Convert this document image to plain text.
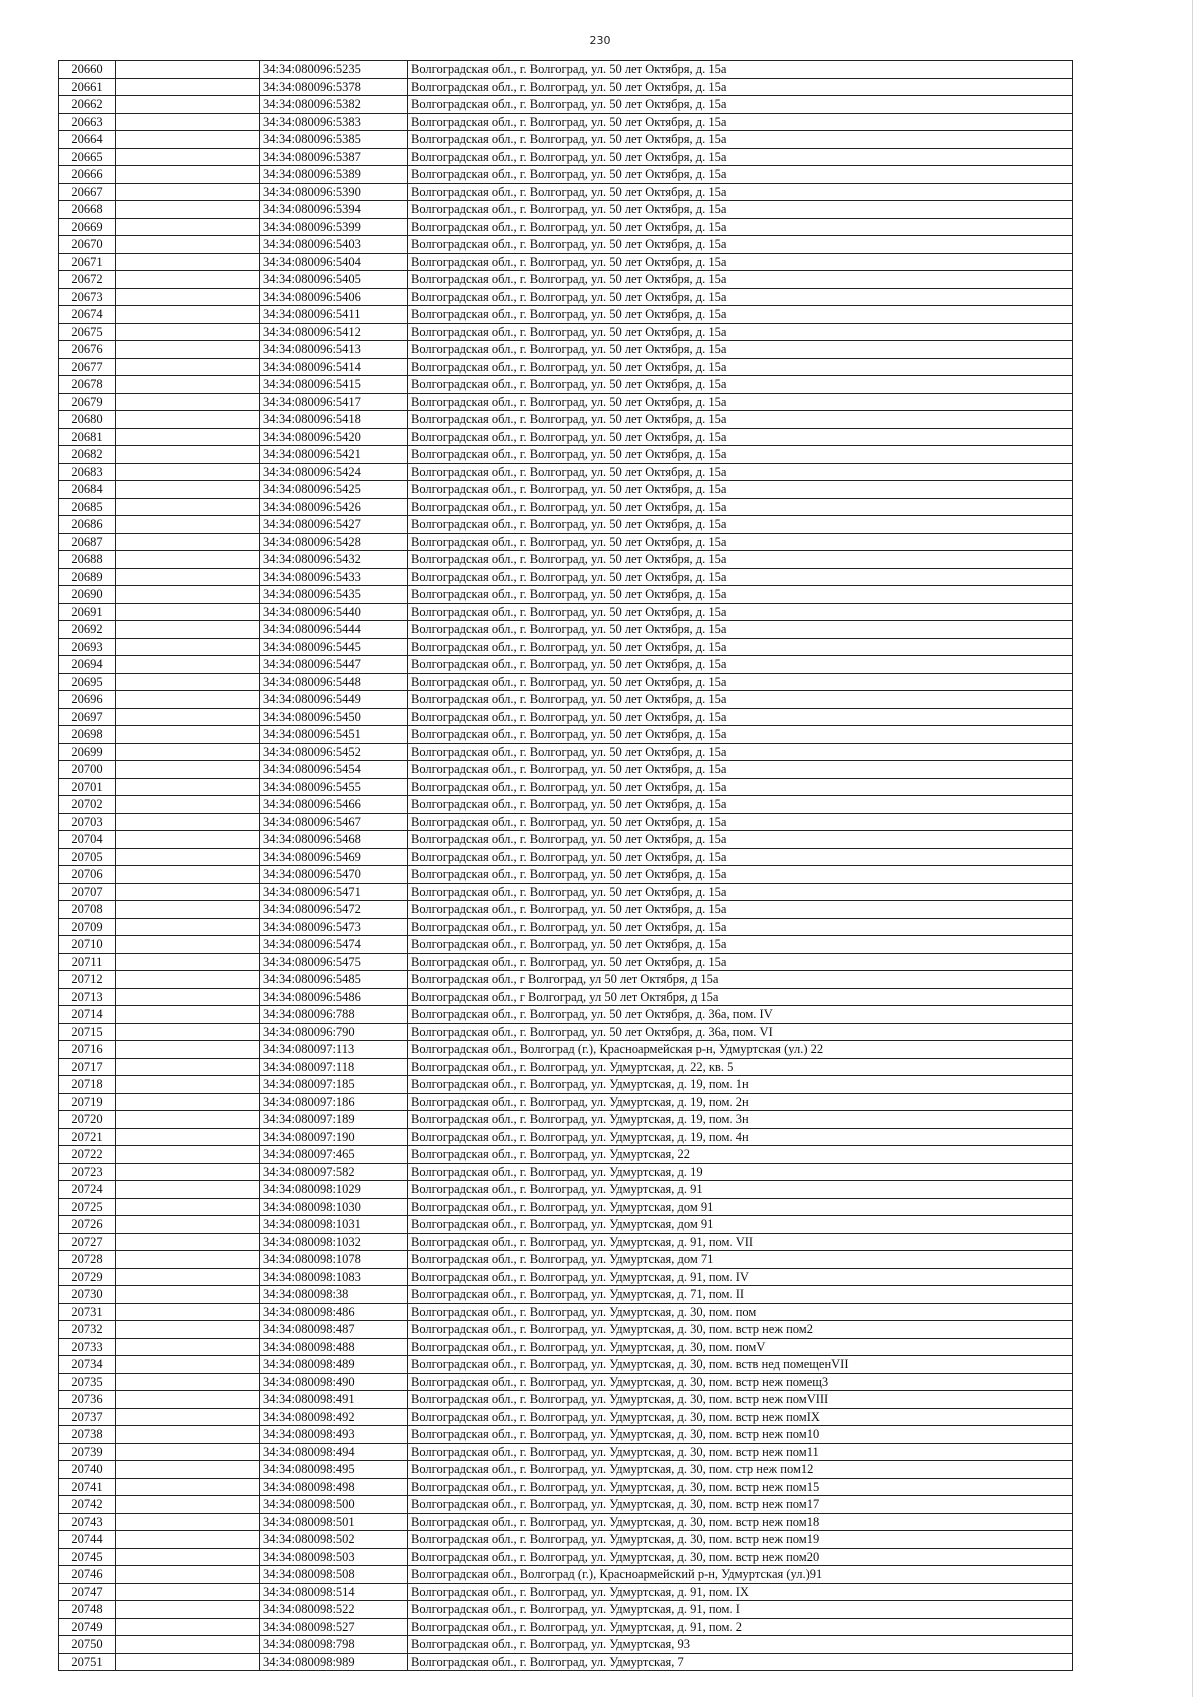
230
20660		34:34:080096:5235	Волгоградская обл., г. Волгоград, ул. 50 лет Октября, д. 15а
20661		34:34:080096:5378	Волгоградская обл., г. Волгоград, ул. 50 лет Октября, д. 15а
20662		34:34:080096:5382	Волгоградская обл., г. Волгоград, ул. 50 лет Октября, д. 15а
20663		34:34:080096:5383	Волгоградская обл., г. Волгоград, ул. 50 лет Октября, д. 15а
20664		34:34:080096:5385	Волгоградская обл., г. Волгоград, ул. 50 лет Октября, д. 15а
20665		34:34:080096:5387	Волгоградская обл., г. Волгоград, ул. 50 лет Октября, д. 15а
20666		34:34:080096:5389	Волгоградская обл., г. Волгоград, ул. 50 лет Октября, д. 15а
20667		34:34:080096:5390	Волгоградская обл., г. Волгоград, ул. 50 лет Октября, д. 15а
20668		34:34:080096:5394	Волгоградская обл., г. Волгоград, ул. 50 лет Октября, д. 15а
20669		34:34:080096:5399	Волгоградская обл., г. Волгоград, ул. 50 лет Октября, д. 15а
20670		34:34:080096:5403	Волгоградская обл., г. Волгоград, ул. 50 лет Октября, д. 15а
20671		34:34:080096:5404	Волгоградская обл., г. Волгоград, ул. 50 лет Октября, д. 15а
20672		34:34:080096:5405	Волгоградская обл., г. Волгоград, ул. 50 лет Октября, д. 15а
20673		34:34:080096:5406	Волгоградская обл., г. Волгоград, ул. 50 лет Октября, д. 15а
20674		34:34:080096:5411	Волгоградская обл., г. Волгоград, ул. 50 лет Октября, д. 15а
20675		34:34:080096:5412	Волгоградская обл., г. Волгоград, ул. 50 лет Октября, д. 15а
20676		34:34:080096:5413	Волгоградская обл., г. Волгоград, ул. 50 лет Октября, д. 15а
20677		34:34:080096:5414	Волгоградская обл., г. Волгоград, ул. 50 лет Октября, д. 15а
20678		34:34:080096:5415	Волгоградская обл., г. Волгоград, ул. 50 лет Октября, д. 15а
20679		34:34:080096:5417	Волгоградская обл., г. Волгоград, ул. 50 лет Октября, д. 15а
20680		34:34:080096:5418	Волгоградская обл., г. Волгоград, ул. 50 лет Октября, д. 15а
20681		34:34:080096:5420	Волгоградская обл., г. Волгоград, ул. 50 лет Октября, д. 15а
20682		34:34:080096:5421	Волгоградская обл., г. Волгоград, ул. 50 лет Октября, д. 15а
20683		34:34:080096:5424	Волгоградская обл., г. Волгоград, ул. 50 лет Октября, д. 15а
20684		34:34:080096:5425	Волгоградская обл., г. Волгоград, ул. 50 лет Октября, д. 15а
20685		34:34:080096:5426	Волгоградская обл., г. Волгоград, ул. 50 лет Октября, д. 15а
20686		34:34:080096:5427	Волгоградская обл., г. Волгоград, ул. 50 лет Октября, д. 15а
20687		34:34:080096:5428	Волгоградская обл., г. Волгоград, ул. 50 лет Октября, д. 15а
20688		34:34:080096:5432	Волгоградская обл., г. Волгоград, ул. 50 лет Октября, д. 15а
20689		34:34:080096:5433	Волгоградская обл., г. Волгоград, ул. 50 лет Октября, д. 15а
20690		34:34:080096:5435	Волгоградская обл., г. Волгоград, ул. 50 лет Октября, д. 15а
20691		34:34:080096:5440	Волгоградская обл., г. Волгоград, ул. 50 лет Октября, д. 15а
20692		34:34:080096:5444	Волгоградская обл., г. Волгоград, ул. 50 лет Октября, д. 15а
20693		34:34:080096:5445	Волгоградская обл., г. Волгоград, ул. 50 лет Октября, д. 15а
20694		34:34:080096:5447	Волгоградская обл., г. Волгоград, ул. 50 лет Октября, д. 15а
20695		34:34:080096:5448	Волгоградская обл., г. Волгоград, ул. 50 лет Октября, д. 15а
20696		34:34:080096:5449	Волгоградская обл., г. Волгоград, ул. 50 лет Октября, д. 15а
20697		34:34:080096:5450	Волгоградская обл., г. Волгоград, ул. 50 лет Октября, д. 15а
20698		34:34:080096:5451	Волгоградская обл., г. Волгоград, ул. 50 лет Октября, д. 15а
20699		34:34:080096:5452	Волгоградская обл., г. Волгоград, ул. 50 лет Октября, д. 15а
20700		34:34:080096:5454	Волгоградская обл., г. Волгоград, ул. 50 лет Октября, д. 15а
20701		34:34:080096:5455	Волгоградская обл., г. Волгоград, ул. 50 лет Октября, д. 15а
20702		34:34:080096:5466	Волгоградская обл., г. Волгоград, ул. 50 лет Октября, д. 15а
20703		34:34:080096:5467	Волгоградская обл., г. Волгоград, ул. 50 лет Октября, д. 15а
20704		34:34:080096:5468	Волгоградская обл., г. Волгоград, ул. 50 лет Октября, д. 15а
20705		34:34:080096:5469	Волгоградская обл., г. Волгоград, ул. 50 лет Октября, д. 15а
20706		34:34:080096:5470	Волгоградская обл., г. Волгоград, ул. 50 лет Октября, д. 15а
20707		34:34:080096:5471	Волгоградская обл., г. Волгоград, ул. 50 лет Октября, д. 15а
20708		34:34:080096:5472	Волгоградская обл., г. Волгоград, ул. 50 лет Октября, д. 15а
20709		34:34:080096:5473	Волгоградская обл., г. Волгоград, ул. 50 лет Октября, д. 15а
20710		34:34:080096:5474	Волгоградская обл., г. Волгоград, ул. 50 лет Октября, д. 15а
20711		34:34:080096:5475	Волгоградская обл., г. Волгоград, ул. 50 лет Октября, д. 15а
20712		34:34:080096:5485	Волгоградская обл., г Волгоград, ул 50 лет Октября, д 15а
20713		34:34:080096:5486	Волгоградская обл., г Волгоград, ул 50 лет Октября, д 15а
20714		34:34:080096:788	Волгоградская обл., г. Волгоград, ул. 50 лет Октября, д. 36а, пом. IV
20715		34:34:080096:790	Волгоградская обл., г. Волгоград, ул. 50 лет Октября, д. 36а, пом. VI
20716		34:34:080097:113	Волгоградская обл., Волгоград (г.), Красноармейская р-н, Удмуртская (ул.) 22
20717		34:34:080097:118	Волгоградская обл., г. Волгоград, ул. Удмуртская, д. 22, кв. 5
20718		34:34:080097:185	Волгоградская обл., г. Волгоград, ул. Удмуртская, д. 19, пом. 1н
20719		34:34:080097:186	Волгоградская обл., г. Волгоград, ул. Удмуртская, д. 19, пом. 2н
20720		34:34:080097:189	Волгоградская обл., г. Волгоград, ул. Удмуртская, д. 19, пом. 3н
20721		34:34:080097:190	Волгоградская обл., г. Волгоград, ул. Удмуртская, д. 19, пом. 4н
20722		34:34:080097:465	Волгоградская обл., г. Волгоград, ул. Удмуртская, 22
20723		34:34:080097:582	Волгоградская обл., г. Волгоград, ул. Удмуртская, д. 19
20724		34:34:080098:1029	Волгоградская обл., г. Волгоград, ул. Удмуртская, д. 91
20725		34:34:080098:1030	Волгоградская обл., г. Волгоград, ул. Удмуртская, дом 91
20726		34:34:080098:1031	Волгоградская обл., г. Волгоград, ул. Удмуртская, дом 91
20727		34:34:080098:1032	Волгоградская обл., г. Волгоград, ул. Удмуртская, д. 91, пом. VII
20728		34:34:080098:1078	Волгоградская обл., г. Волгоград, ул. Удмуртская, дом 71
20729		34:34:080098:1083	Волгоградская обл., г. Волгоград, ул. Удмуртская, д. 91, пом. IV
20730		34:34:080098:38	Волгоградская обл., г. Волгоград, ул. Удмуртская, д. 71, пом. II
20731		34:34:080098:486	Волгоградская обл., г. Волгоград, ул. Удмуртская, д. 30, пом. пом
20732		34:34:080098:487	Волгоградская обл., г. Волгоград, ул. Удмуртская, д. 30, пом. встр неж пом2
20733		34:34:080098:488	Волгоградская обл., г. Волгоград, ул. Удмуртская, д. 30, пом. помV
20734		34:34:080098:489	Волгоградская обл., г. Волгоград, ул. Удмуртская, д. 30, пом. вств нед помещенVII
20735		34:34:080098:490	Волгоградская обл., г. Волгоград, ул. Удмуртская, д. 30, пом. встр неж помещ3
20736		34:34:080098:491	Волгоградская обл., г. Волгоград, ул. Удмуртская, д. 30, пом. встр неж помVIII
20737		34:34:080098:492	Волгоградская обл., г. Волгоград, ул. Удмуртская, д. 30, пом. встр неж помIX
20738		34:34:080098:493	Волгоградская обл., г. Волгоград, ул. Удмуртская, д. 30, пом. встр неж пом10
20739		34:34:080098:494	Волгоградская обл., г. Волгоград, ул. Удмуртская, д. 30, пом. встр неж пом11
20740		34:34:080098:495	Волгоградская обл., г. Волгоград, ул. Удмуртская, д. 30, пом. стр неж пом12
20741		34:34:080098:498	Волгоградская обл., г. Волгоград, ул. Удмуртская, д. 30, пом. встр неж пом15
20742		34:34:080098:500	Волгоградская обл., г. Волгоград, ул. Удмуртская, д. 30, пом. встр неж пом17
20743		34:34:080098:501	Волгоградская обл., г. Волгоград, ул. Удмуртская, д. 30, пом. встр неж пом18
20744		34:34:080098:502	Волгоградская обл., г. Волгоград, ул. Удмуртская, д. 30, пом. встр неж пом19
20745		34:34:080098:503	Волгоградская обл., г. Волгоград, ул. Удмуртская, д. 30, пом. встр неж пом20
20746		34:34:080098:508	Волгоградская обл., Волгоград (г.), Красноармейский р-н, Удмуртская (ул.)91
20747		34:34:080098:514	Волгоградская обл., г. Волгоград, ул. Удмуртская, д. 91, пом. IX
20748		34:34:080098:522	Волгоградская обл., г. Волгоград, ул. Удмуртская, д. 91, пом. I
20749		34:34:080098:527	Волгоградская обл., г. Волгоград, ул. Удмуртская, д. 91, пом. 2
20750		34:34:080098:798	Волгоградская обл., г. Волгоград, ул. Удмуртская, 93
20751		34:34:080098:989	Волгоградская обл., г. Волгоград, ул. Удмуртская, 7
